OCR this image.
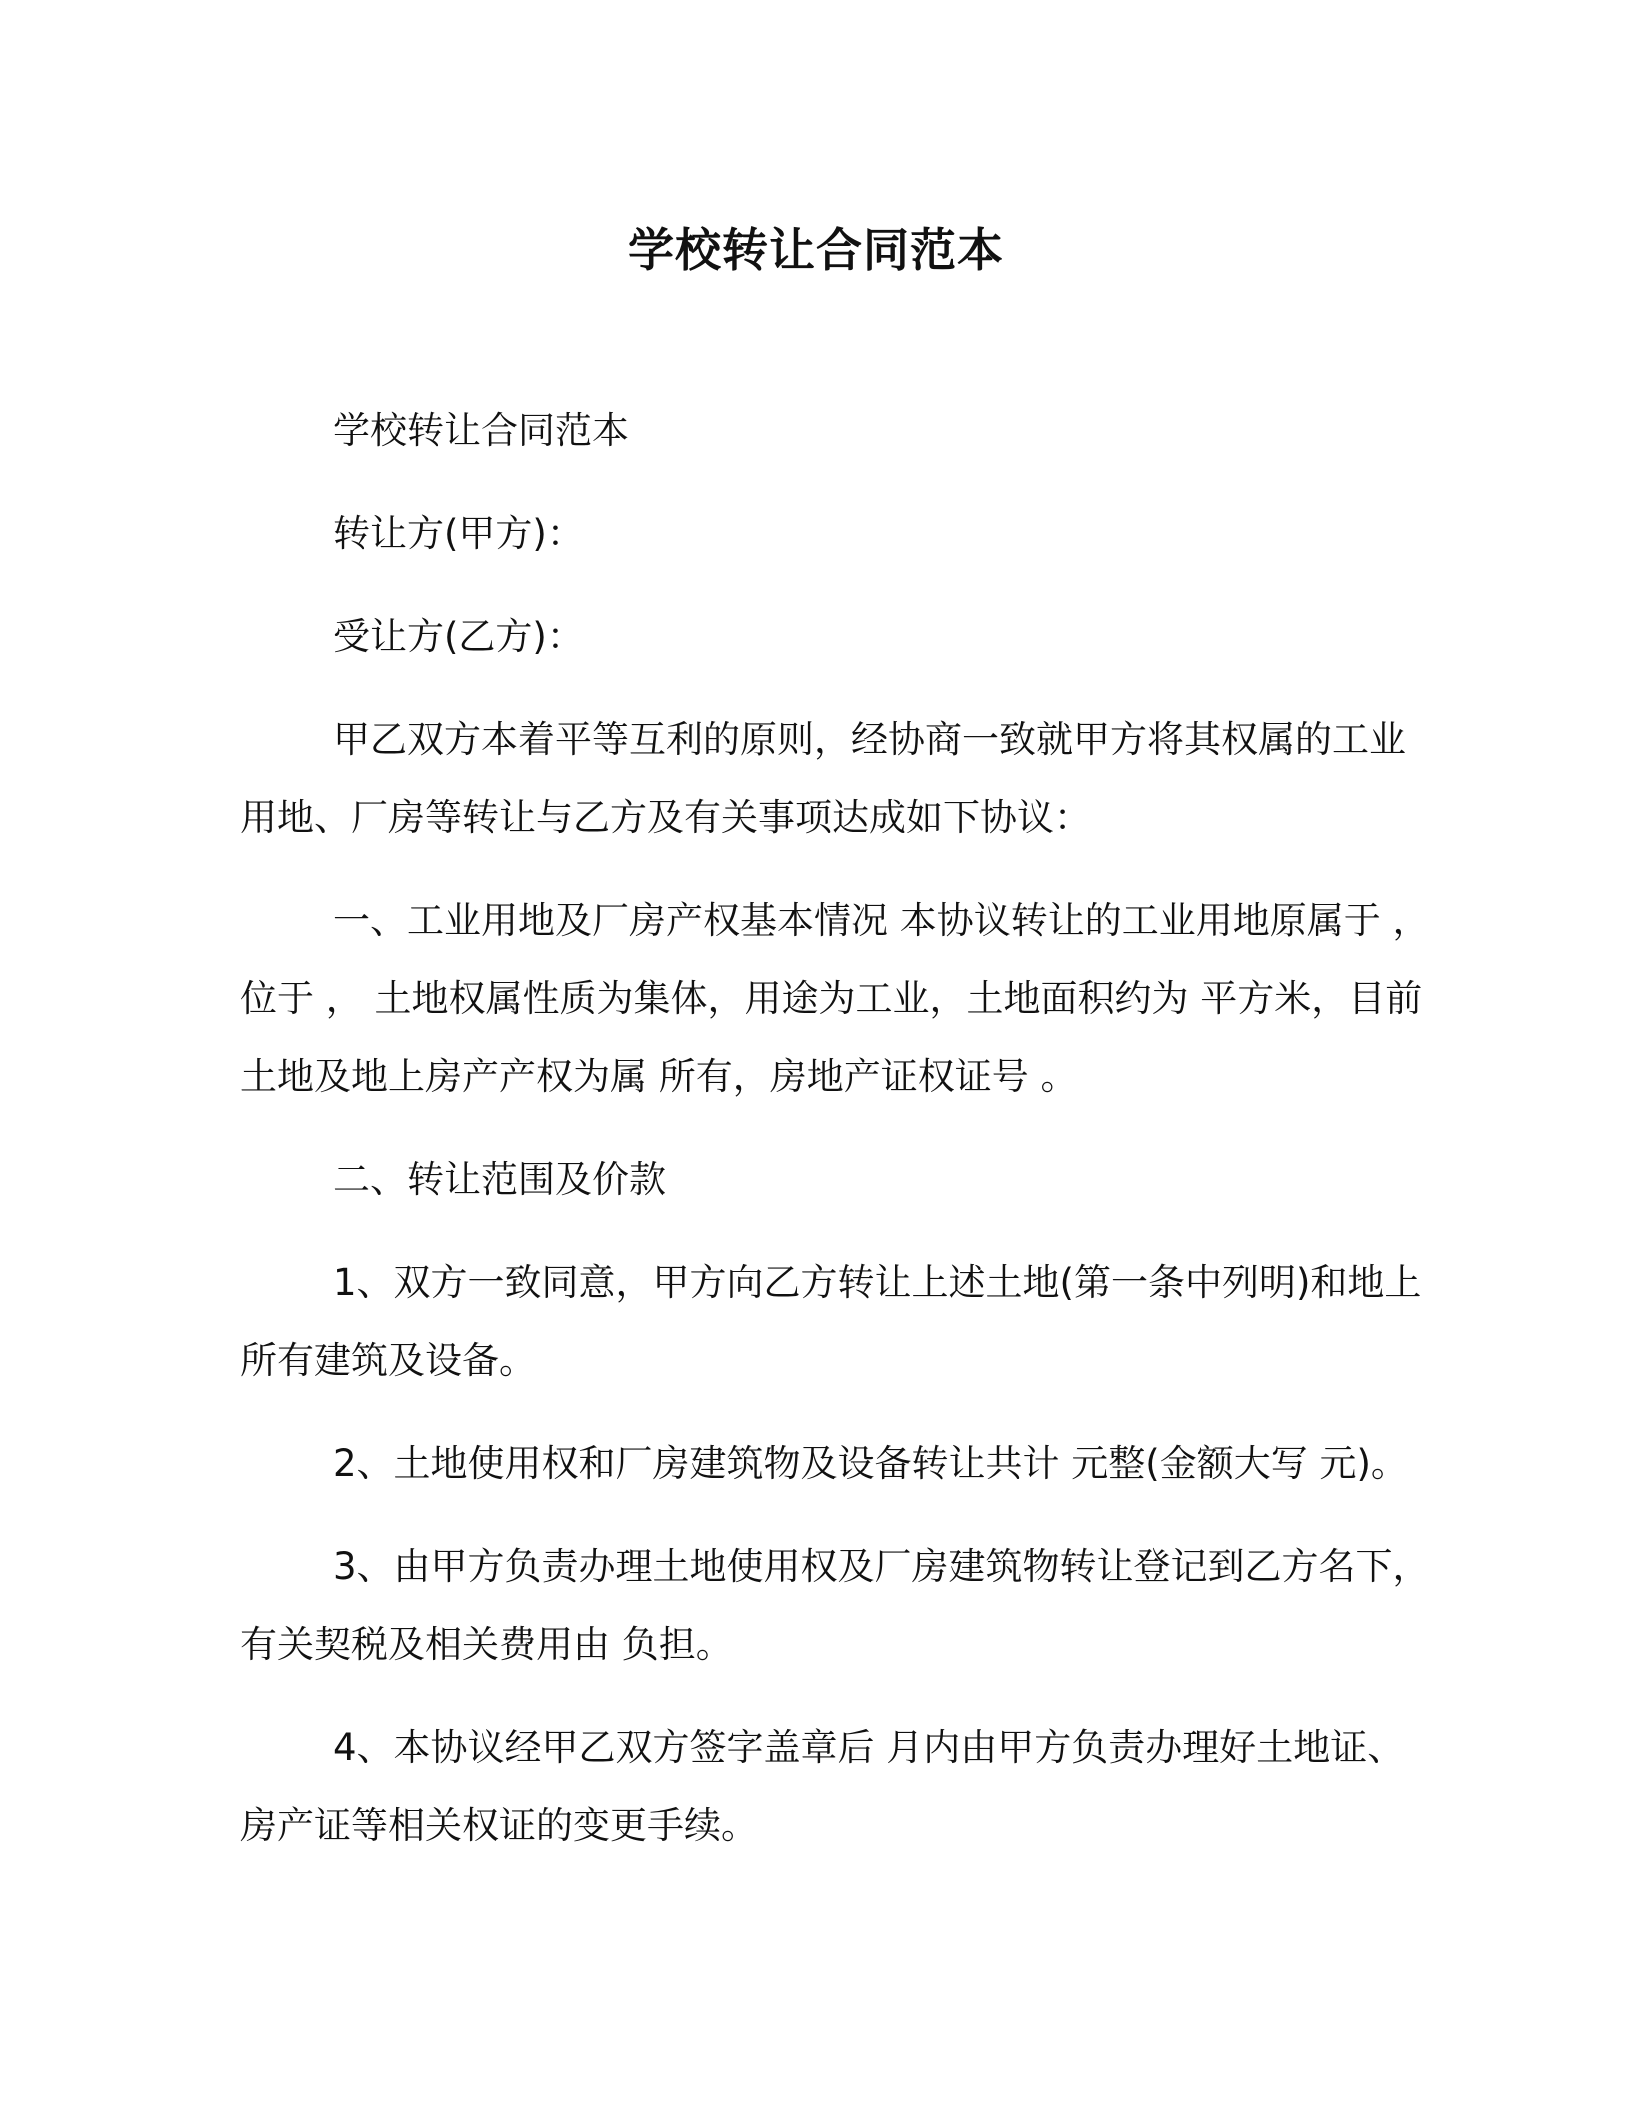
学校转让合同范本

学校转让合同范本

转让方(甲方)：

受让方(乙方)：

甲乙双方本着平等互利的原则，经协商一致就甲方将其权属的工业用地、厂房等转让与乙方及有关事项达成如下协议：

一、工业用地及厂房产权基本情况 本协议转让的工业用地原属于 ，位于 ， 土地权属性质为集体，用途为工业，土地面积约为 平方米，目前土地及地上房产产权为属 所有，房地产证权证号 。

二、转让范围及价款

1、双方一致同意，甲方向乙方转让上述土地(第一条中列明)和地上所有建筑及设备。

2、土地使用权和厂房建筑物及设备转让共计 元整(金额大写 元)。

3、由甲方负责办理土地使用权及厂房建筑物转让登记到乙方名下，有关契税及相关费用由 负担。

4、本协议经甲乙双方签字盖章后 月内由甲方负责办理好土地证、房产证等相关权证的变更手续。
